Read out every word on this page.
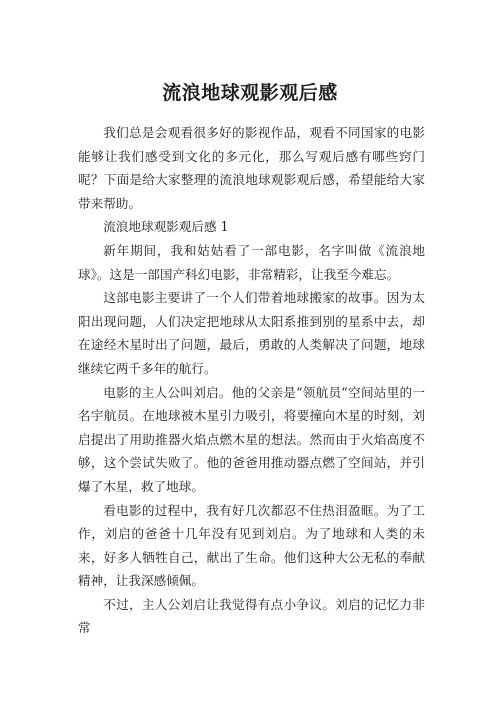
流浪地球观影观后感

我们总是会观看很多好的影视作品，观看不同国家的电影能够让我们感受到文化的多元化，那么写观后感有哪些窍门呢？下面是给大家整理的流浪地球观影观后感，希望能给大家带来帮助。

流浪地球观影观后感 1

新年期间，我和姑姑看了一部电影，名字叫做《流浪地球》。这是一部国产科幻电影，非常精彩，让我至今难忘。

这部电影主要讲了一个人们带着地球搬家的故事。因为太阳出现问题，人们决定把地球从太阳系推到别的星系中去，却在途经木星时出了问题，最后，勇敢的人类解决了问题，地球继续它两千多年的航行。

电影的主人公叫刘启。他的父亲是“领航员”空间站里的一名宇航员。在地球被木星引力吸引，将要撞向木星的时刻，刘启提出了用助推器火焰点燃木星的想法。然而由于火焰高度不够，这个尝试失败了。他的爸爸用推动器点燃了空间站，并引爆了木星，救了地球。

看电影的过程中，我有好几次都忍不住热泪盈眶。为了工作，刘启的爸爸十几年没有见到刘启。为了地球和人类的未来，好多人牺牲自己，献出了生命。他们这种大公无私的奉献精神，让我深感倾佩。

不过，主人公刘启让我觉得有点小争议。刘启的记忆力非常
